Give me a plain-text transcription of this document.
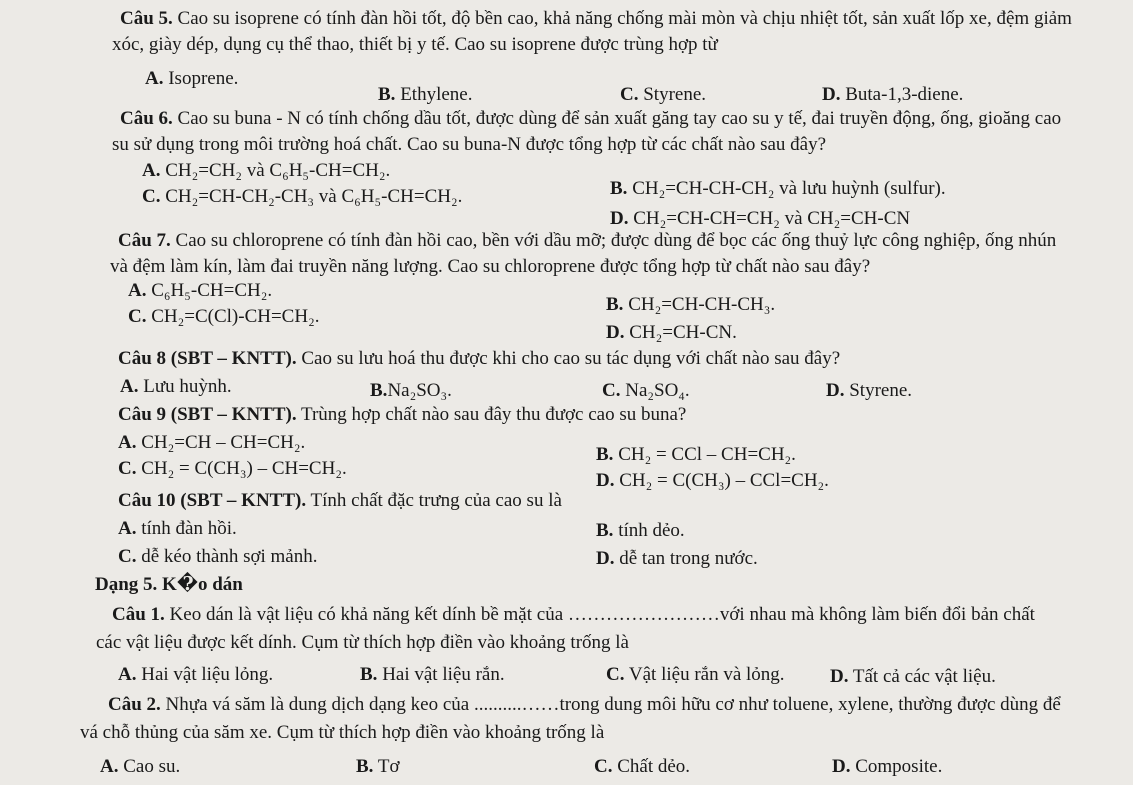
Câu 5. Cao su isoprene có tính đàn hồi tốt, độ bền cao, khả năng chống mài mòn và chịu nhiệt tốt, sản xuất lốp xe, đệm giảm
xóc, giày dép, dụng cụ thể thao, thiết bị y tế. Cao su isoprene được trùng hợp từ
A. Isoprene.
B. Ethylene.	C. Styrene.	D. Buta-1,3-diene.
Câu 6. Cao su buna - N có tính chống dầu tốt, được dùng để sản xuất găng tay cao su y tế, đai truyền động, ống, gioăng cao
su sử dụng trong môi trường hoá chất. Cao su buna-N được tổng hợp từ các chất nào sau đây?
A. CH₂=CH₂ và C₆H₅-CH=CH₂.
B. CH₂=CH-CH-CH₂ và lưu huỳnh (sulfur).
C. CH₂=CH-CH₂-CH₃ và C₆H₅-CH=CH₂.
D. CH₂=CH-CH=CH₂ và CH₂=CH-CN
Câu 7. Cao su chloroprene có tính đàn hồi cao, bền với dầu mỡ; được dùng để bọc các ống thuỷ lực công nghiệp, ống nhún
và đệm làm kín, làm đai truyền năng lượng. Cao su chloroprene được tổng hợp từ chất nào sau đây?
A. C₆H₅-CH=CH₂.
B. CH₂=CH-CH-CH₃.
C. CH₂=C(Cl)-CH=CH₂.
D. CH₂=CH-CN.
Câu 8 (SBT – KNTT). Cao su lưu hoá thu được khi cho cao su tác dụng với chất nào sau đây?
A. Lưu huỳnh.	B.Na₂SO₃.	C. Na₂SO₄.	D. Styrene.
Câu 9 (SBT – KNTT). Trùng hợp chất nào sau đây thu được cao su buna?
A. CH₂=CH – CH=CH₂.
B. CH₂ = CCl – CH=CH₂.
C. CH₂ = C(CH₃) – CH=CH₂.
D. CH₂ = C(CH₃) – CCl=CH₂.
Câu 10 (SBT – KNTT). Tính chất đặc trưng của cao su là
A. tính đàn hồi.	B. tính dẻo.
C. dễ kéo thành sợi mảnh.	D. dễ tan trong nước.
Dạng 5. K�o dán
Câu 1. Keo dán là vật liệu có khả năng kết dính bề mặt của ……………………với nhau mà không làm biến đổi bản chất
các vật liệu được kết dính. Cụm từ thích hợp điền vào khoảng trống là
A. Hai vật liệu lỏng.	B. Hai vật liệu rắn.	C. Vật liệu rắn và lỏng. D. Tất cả các vật liệu.
Câu 2. Nhựa vá săm là dung dịch dạng keo của ..........……trong dung môi hữu cơ như toluene, xylene, thường được dùng để
vá chỗ thủng của săm xe. Cụm từ thích hợp điền vào khoảng trống là
A. Cao su.	B. Tơ	C. Chất dẻo.	D. Composite.
